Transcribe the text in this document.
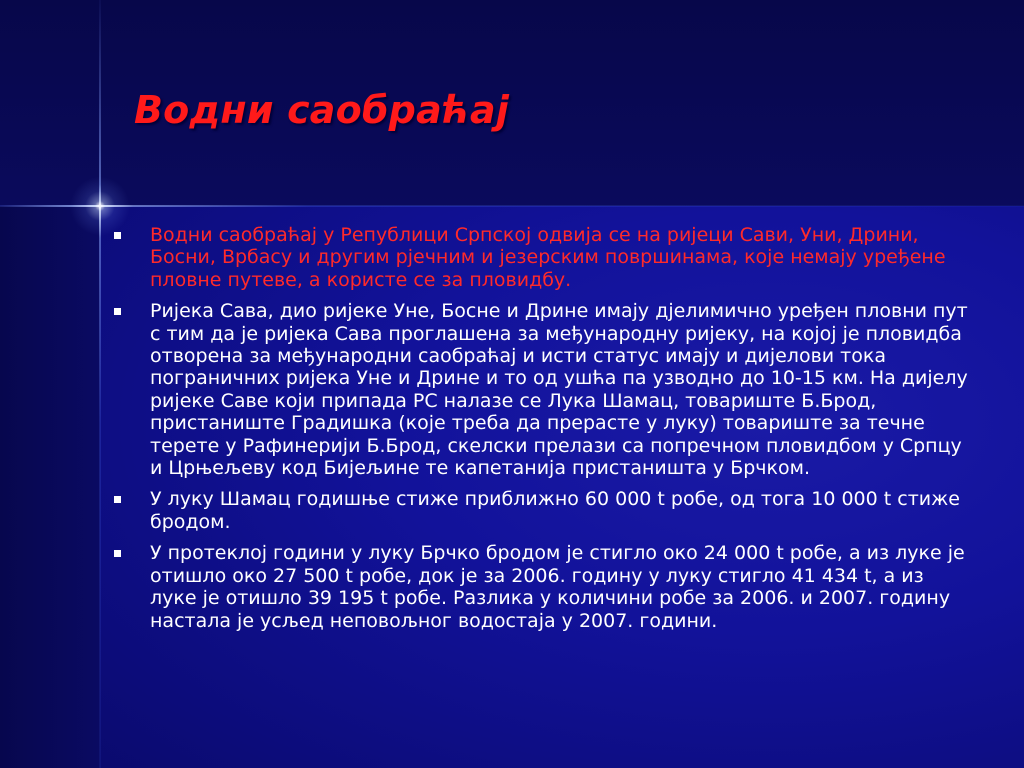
Водни саобраћај
Водни саобраћај у Републици Српској одвија се на ријеци Сави, Уни, Дрини, Босни, Врбасу и другим рјечним и језерским површинама, које немају уређене пловне путеве, а користе се за пловидбу.
Ријека Сава, дио ријеке Уне, Босне и Дрине имају дјелимично уређен пловни пут с тим да је ријека Сава проглашена за међународну ријеку, на којој је пловидба отворена за међународни саобраћај и исти статус имају и дијелови тока пограничних ријека Уне и Дрине и то од ушћа па узводно до 10-15 км. На дијелу ријеке Саве који припада РС налазе се Лука Шамац, товариште Б.Брод, пристаниште Градишка (које треба да прерасте у луку) товариште за течне терете у Рафинерији Б.Брод, скелски прелази са попречном пловидбом у Српцу и Црњељеву код Бијељине те капетанија пристаништа у Брчком.
У луку Шамац годишње стиже приближно 60 000 t робе, од тога 10 000 t стиже бродом.
У протеклој години у луку Брчко бродом је стигло око 24 000 t робе, а из луке је отишло око 27 500 t робе, док је за 2006. годину у луку стигло 41 434 t, а из луке је отишло 39 195 t робе. Разлика у количини робе за 2006. и 2007. годину настала је усљед неповољног водостаја у 2007. години.
